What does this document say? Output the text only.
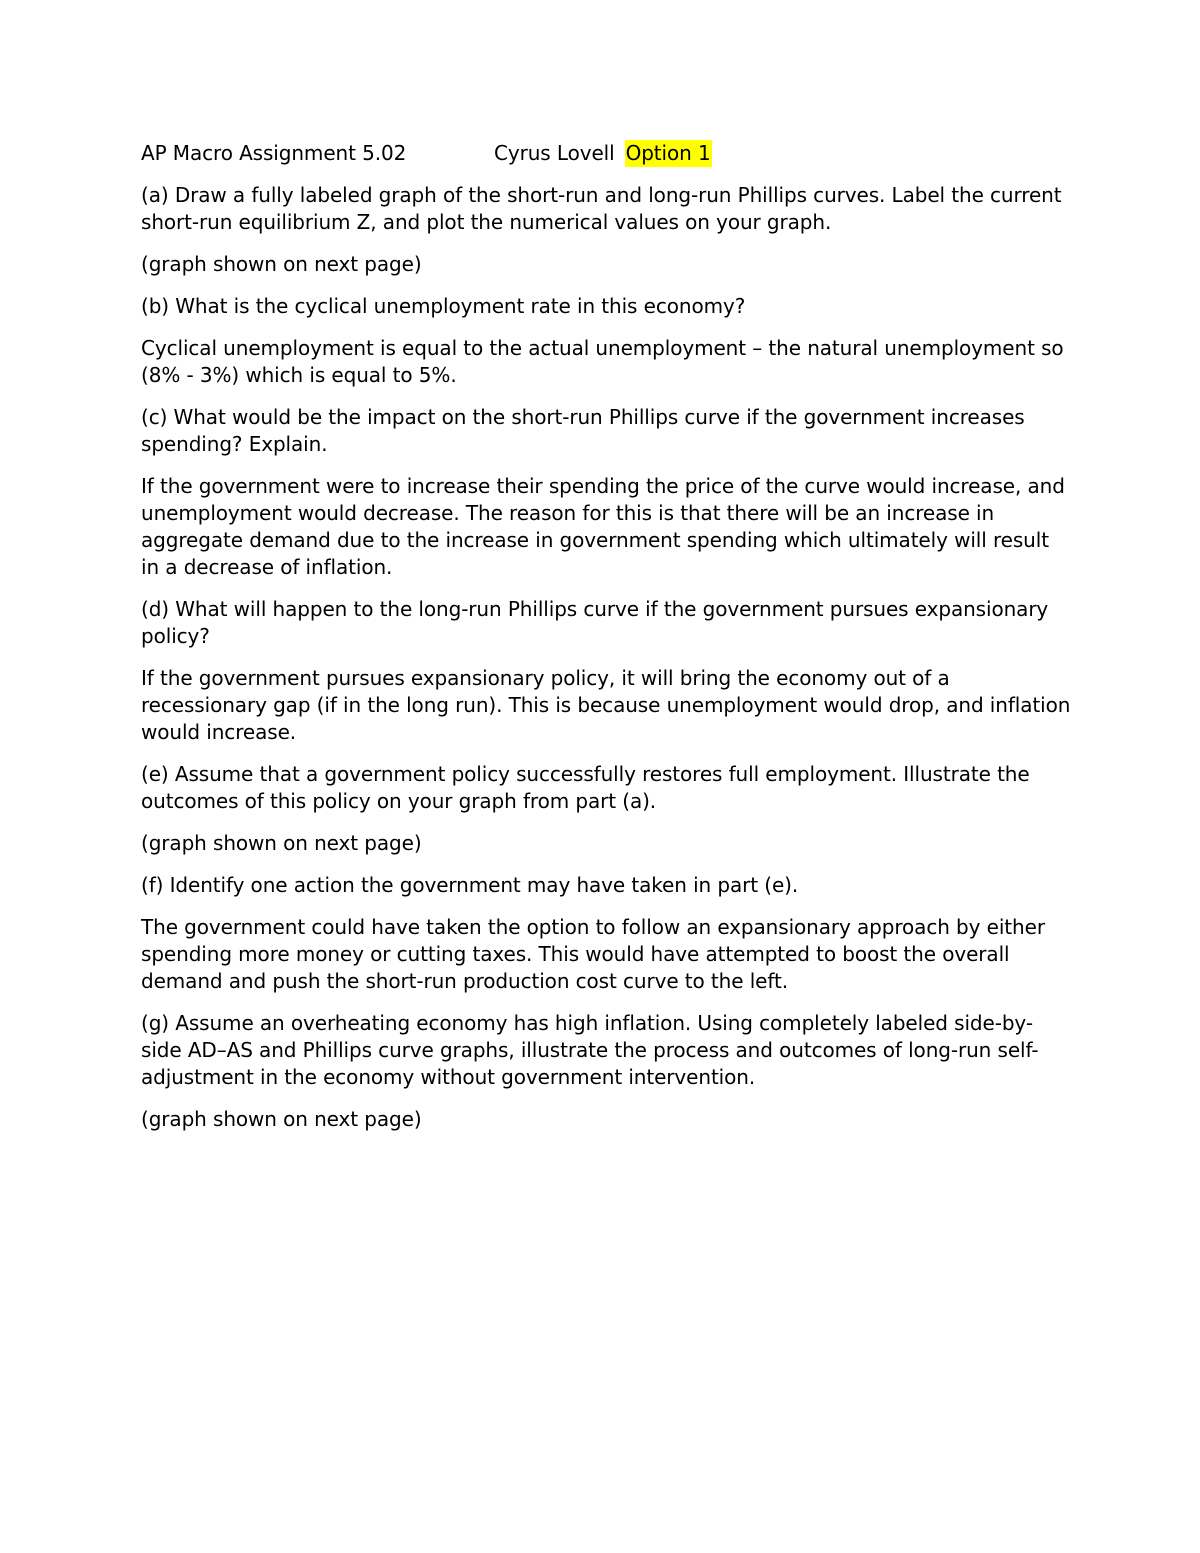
AP Macro Assignment 5.02	Cyrus Lovell Option 1

(a) Draw a fully labeled graph of the short-run and long-run Phillips curves. Label the current short-run equilibrium Z, and plot the numerical values on your graph.

(graph shown on next page)

(b) What is the cyclical unemployment rate in this economy?

Cyclical unemployment is equal to the actual unemployment – the natural unemployment so (8% - 3%) which is equal to 5%.

(c) What would be the impact on the short-run Phillips curve if the government increases spending? Explain.

If the government were to increase their spending the price of the curve would increase, and unemployment would decrease. The reason for this is that there will be an increase in aggregate demand due to the increase in government spending which ultimately will result in a decrease of inflation.

(d) What will happen to the long-run Phillips curve if the government pursues expansionary policy?

If the government pursues expansionary policy, it will bring the economy out of a recessionary gap (if in the long run). This is because unemployment would drop, and inflation would increase.

(e) Assume that a government policy successfully restores full employment. Illustrate the outcomes of this policy on your graph from part (a).

(graph shown on next page)

(f) Identify one action the government may have taken in part (e).

The government could have taken the option to follow an expansionary approach by either spending more money or cutting taxes. This would have attempted to boost the overall demand and push the short-run production cost curve to the left.

(g) Assume an overheating economy has high inflation. Using completely labeled side-by-side AD–AS and Phillips curve graphs, illustrate the process and outcomes of long-run self-adjustment in the economy without government intervention.

(graph shown on next page)
